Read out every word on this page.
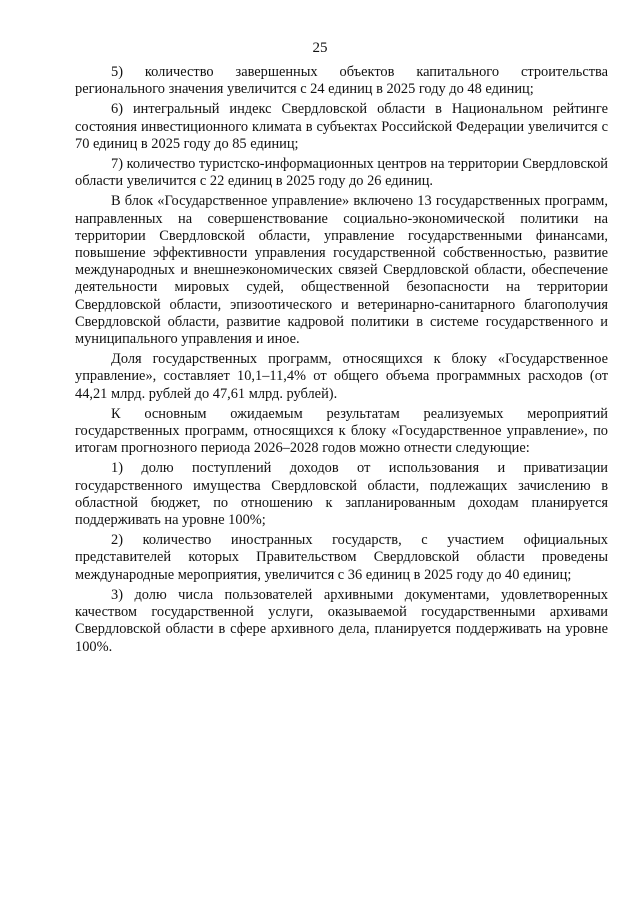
25

5) количество завершенных объектов капитального строительства регионального значения увеличится с 24 единиц в 2025 году до 48 единиц;

6) интегральный индекс Свердловской области в Национальном рейтинге состояния инвестиционного климата в субъектах Российской Федерации увеличится с 70 единиц в 2025 году до 85 единиц;

7) количество туристско-информационных центров на территории Свердловской области увеличится с 22 единиц в 2025 году до 26 единиц.

В блок «Государственное управление» включено 13 государственных программ, направленных на совершенствование социально-экономической политики на территории Свердловской области, управление государственными финансами, повышение эффективности управления государственной собственностью, развитие международных и внешнеэкономических связей Свердловской области, обеспечение деятельности мировых судей, общественной безопасности на территории Свердловской области, эпизоотического и ветеринарно-санитарного благополучия Свердловской области, развитие кадровой политики в системе государственного и муниципального управления и иное.

Доля государственных программ, относящихся к блоку «Государственное управление», составляет 10,1–11,4% от общего объема программных расходов (от 44,21 млрд. рублей до 47,61 млрд. рублей).

К основным ожидаемым результатам реализуемых мероприятий государственных программ, относящихся к блоку «Государственное управление», по итогам прогнозного периода 2026–2028 годов можно отнести следующие:

1) долю поступлений доходов от использования и приватизации государственного имущества Свердловской области, подлежащих зачислению в областной бюджет, по отношению к запланированным доходам планируется поддерживать на уровне 100%;

2) количество иностранных государств, с участием официальных представителей которых Правительством Свердловской области проведены международные мероприятия, увеличится с 36 единиц в 2025 году до 40 единиц;

3) долю числа пользователей архивными документами, удовлетворенных качеством государственной услуги, оказываемой государственными архивами Свердловской области в сфере архивного дела, планируется поддерживать на уровне 100%.
